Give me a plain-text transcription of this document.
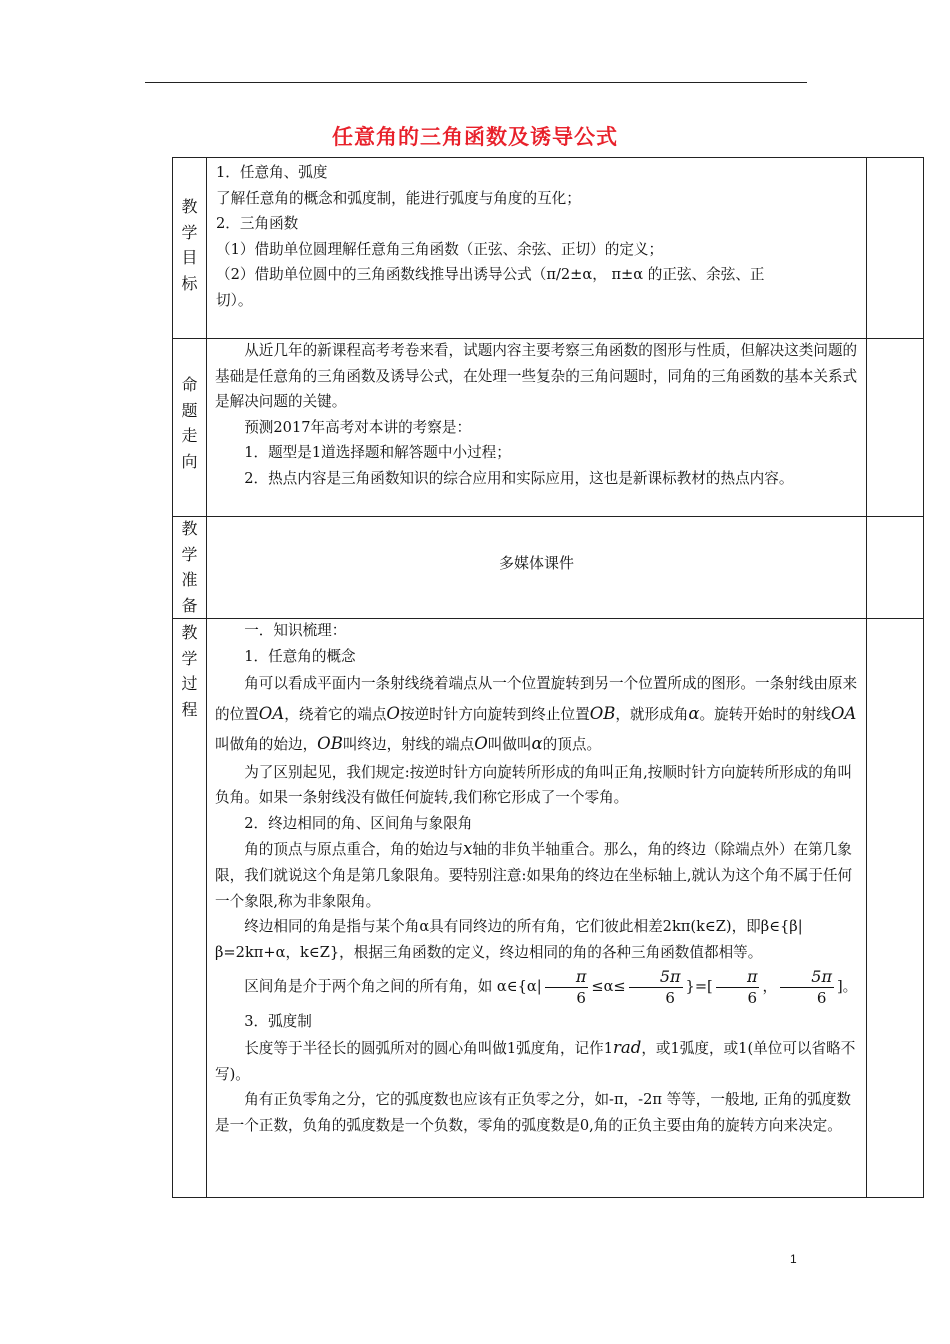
任意角的三角函数及诱导公式
教
学
目
标

1．任意角、弧度

了解任意角的概念和弧度制，能进行弧度与角度的互化；

2．三角函数

（1）借助单位圆理解任意角三角函数（正弦、余弦、正切）的定义；

（2）借助单位圆中的三角函数线推导出诱导公式（π/2±α， π±α 的正弦、余弦、正

切）。

命
题
走
向

从近几年的新课程高考考卷来看，试题内容主要考察三角函数的图形与性质，但解决这类问题的基础是任意角的三角函数及诱导公式，在处理一些复杂的三角问题时，同角的三角函数的基本关系式是解决问题的关键。

预测2017年高考对本讲的考察是：

1．题型是1道选择题和解答题中小过程；

2．热点内容是三角函数知识的综合应用和实际应用，这也是新课标教材的热点内容。

教
学
准
备
多媒体课件
教
学
过
程

一．知识梳理：

1．任意角的概念

角可以看成平面内一条射线绕着端点从一个位置旋转到另一个位置所成的图形。一条射线由原来的位置OA，绕着它的端点O按逆时针方向旋转到终止位置OB，就形成角α。旋转开始时的射线OA叫做角的始边，OB叫终边，射线的端点O叫做叫α的顶点。

为了区别起见，我们规定:按逆时针方向旋转所形成的角叫正角,按顺时针方向旋转所形成的角叫负角。如果一条射线没有做任何旋转,我们称它形成了一个零角。

2．终边相同的角、区间角与象限角

角的顶点与原点重合，角的始边与x轴的非负半轴重合。那么，角的终边（除端点外）在第几象限，我们就说这个角是第几象限角。要特别注意:如果角的终边在坐标轴上,就认为这个角不属于任何一个象限,称为非象限角。

终边相同的角是指与某个角α具有同终边的所有角，它们彼此相差2kπ(k∈Z)，即β∈{β|β=2kπ+α，k∈Z}，根据三角函数的定义，终边相同的角的各种三角函数值都相等。

区间角是介于两个角之间的所有角，如 α∈{α| $\frac{\pi}{6} \le\alpha\le \frac{5\pi}{6}$ }=[ $\frac{\pi}{6}$ ， $\frac{5\pi}{6}$ ]。

3．弧度制

长度等于半径长的圆弧所对的圆心角叫做1弧度角，记作1rad，或1弧度，或1(单位可以省略不写)。

角有正负零角之分，它的弧度数也应该有正负零之分，如-π，-2π 等等，一般地, 正角的弧度数是一个正数，负角的弧度数是一个负数，零角的弧度数是0,角的正负主要由角的旋转方向来决定。

1
